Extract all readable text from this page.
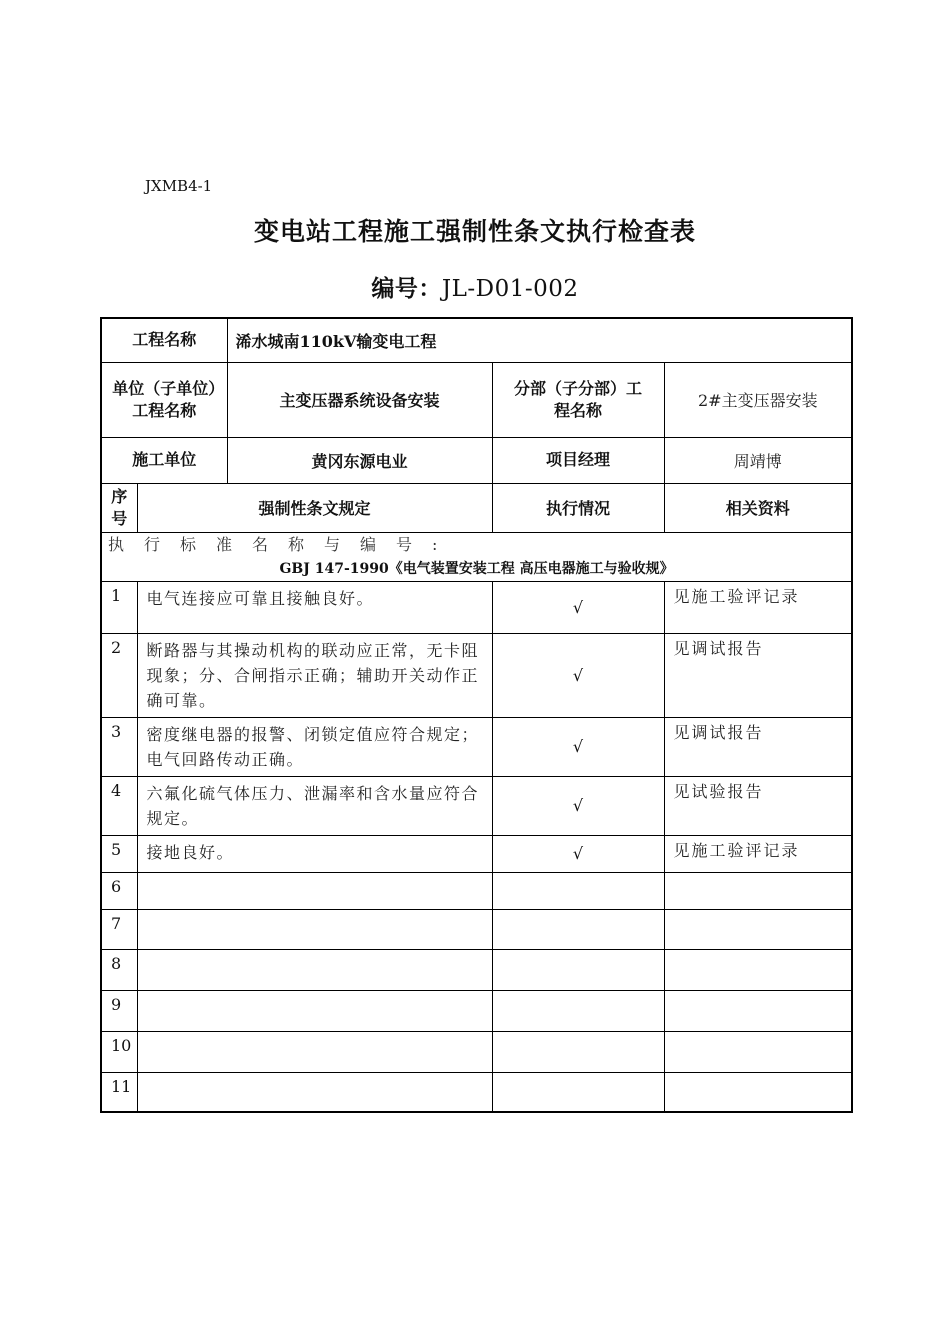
JXMB4-1
变电站工程施工强制性条文执行检查表
编号：JL-D01-002
工程名称		浠水城南110kV输变电工程		
单位（子单位）工程名称		主变压器系统设备安装	分部（子分部）工程名称	2#主变压器安装
施工单位		黄冈东源电业	项目经理	周靖博
序号	强制性条文规定		执行情况	相关资料

执行标准名称与编号:
GBJ 147-1990《电气装置安装工程 高压电器施工与验收规》				

1	电气连接应可靠且接触良好。		√	见施工验评记录

2	断路器与其操动机构的联动应正常，无卡阻现象；分、合闸指示正确；辅助开关动作正确可靠。		√	见调试报告

3	密度继电器的报警、闭锁定值应符合规定；电气回路传动正确。		√	见调试报告

4	六氟化硫气体压力、泄漏率和含水量应符合规定。		√	见试验报告

5	接地良好。		√	见施工验评记录

6				

7				

8				

9				

10				

11				
